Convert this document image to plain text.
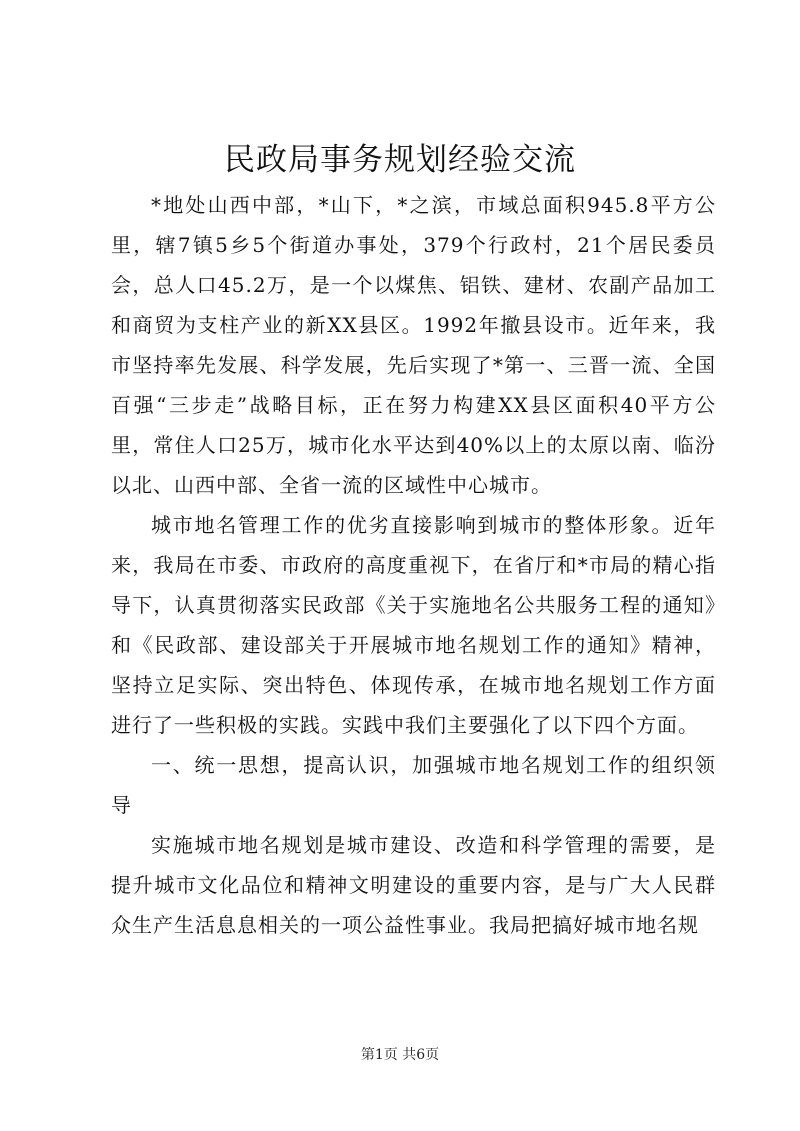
民政局事务规划经验交流

*地处山西中部，*山下，*之滨，市域总面积945.8平方公里，辖7镇5乡5个街道办事处，379个行政村，21个居民委员会，总人口45.2万，是一个以煤焦、铝铁、建材、农副产品加工和商贸为支柱产业的新XX县区。1992年撤县设市。近年来，我市坚持率先发展、科学发展，先后实现了*第一、三晋一流、全国百强“三步走”战略目标，正在努力构建XX县区面积40平方公里，常住人口25万，城市化水平达到40%以上的太原以南、临汾以北、山西中部、全省一流的区域性中心城市。

城市地名管理工作的优劣直接影响到城市的整体形象。近年来，我局在市委、市政府的高度重视下，在省厅和*市局的精心指导下，认真贯彻落实民政部《关于实施地名公共服务工程的通知》和《民政部、建设部关于开展城市地名规划工作的通知》精神，坚持立足实际、突出特色、体现传承，在城市地名规划工作方面进行了一些积极的实践。实践中我们主要强化了以下四个方面。

一、统一思想，提高认识，加强城市地名规划工作的组织领导

实施城市地名规划是城市建设、改造和科学管理的需要，是提升城市文化品位和精神文明建设的重要内容，是与广大人民群众生产生活息息相关的一项公益性事业。我局把搞好城市地名规

第1页 共6页
